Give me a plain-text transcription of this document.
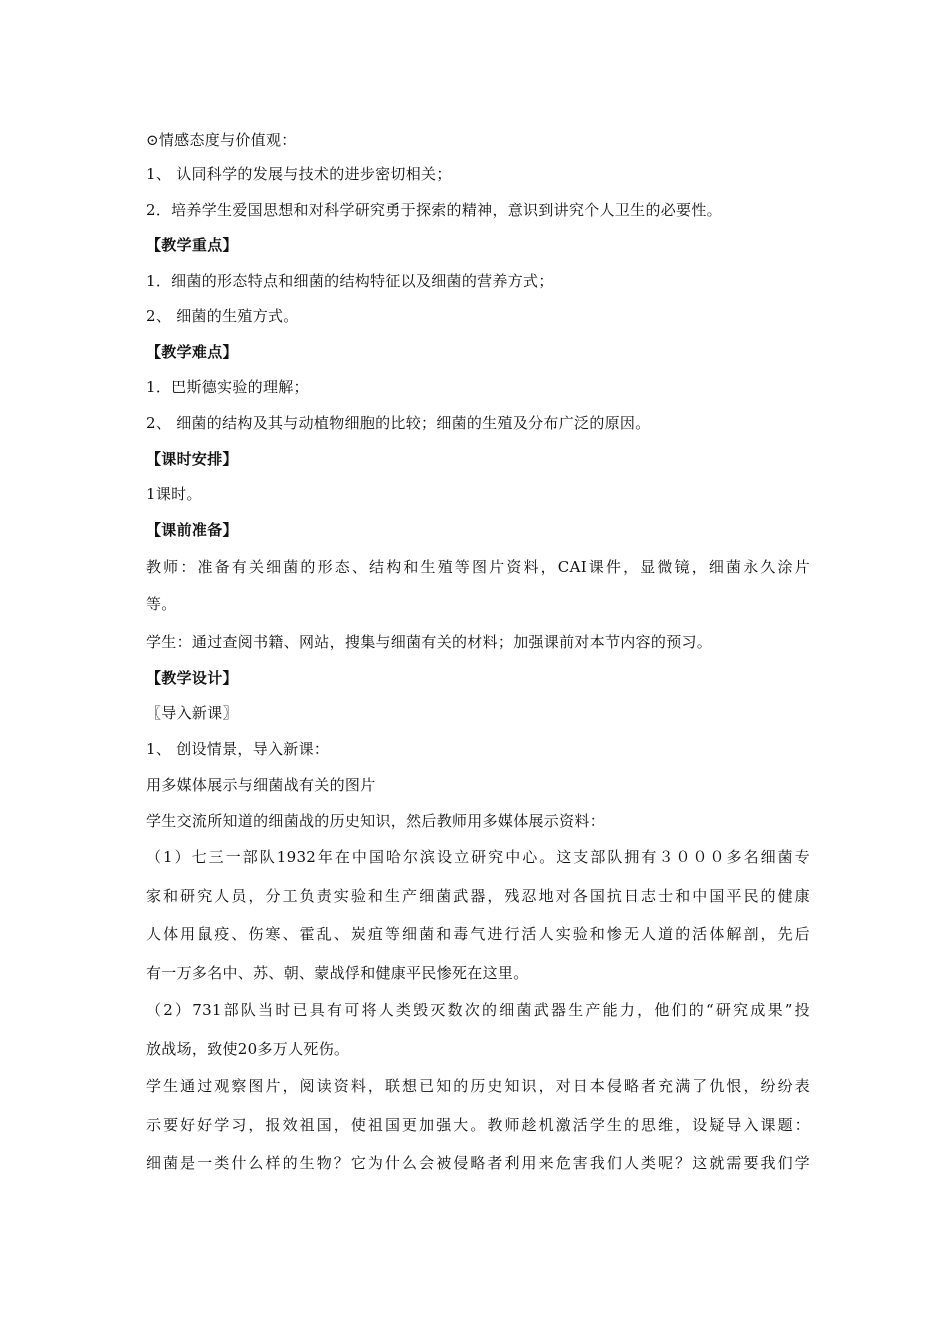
⊙情感态度与价值观：
1、 认同科学的发展与技术的进步密切相关；
2．培养学生爱国思想和对科学研究勇于探索的精神，意识到讲究个人卫生的必要性。
【教学重点】
1．细菌的形态特点和细菌的结构特征以及细菌的营养方式；
2、 细菌的生殖方式。
【教学难点】
1．巴斯德实验的理解；
2、 细菌的结构及其与动植物细胞的比较；细菌的生殖及分布广泛的原因。
【课时安排】
1课时。
【课前准备】
教师：准备有关细菌的形态、结构和生殖等图片资料，CAI课件，显微镜，细菌永久涂片
等。
学生：通过查阅书籍、网站，搜集与细菌有关的材料；加强课前对本节内容的预习。
【教学设计】
〖导入新课〗
1、 创设情景，导入新课：
用多媒体展示与细菌战有关的图片
学生交流所知道的细菌战的历史知识，然后教师用多媒体展示资料：
（1）七三一部队1932年在中国哈尔滨设立研究中心。这支部队拥有３０００多名细菌专
家和研究人员，分工负责实验和生产细菌武器，残忍地对各国抗日志士和中国平民的健康
人体用鼠疫、伤寒、霍乱、炭疽等细菌和毒气进行活人实验和惨无人道的活体解剖，先后
有一万多名中、苏、朝、蒙战俘和健康平民惨死在这里。
（2）731部队当时已具有可将人类毁灭数次的细菌武器生产能力，他们的“研究成果”投
放战场，致使20多万人死伤。
学生通过观察图片，阅读资料，联想已知的历史知识，对日本侵略者充满了仇恨，纷纷表
示要好好学习，报效祖国，使祖国更加强大。教师趁机激活学生的思维，设疑导入课题：
细菌是一类什么样的生物？它为什么会被侵略者利用来危害我们人类呢？这就需要我们学
